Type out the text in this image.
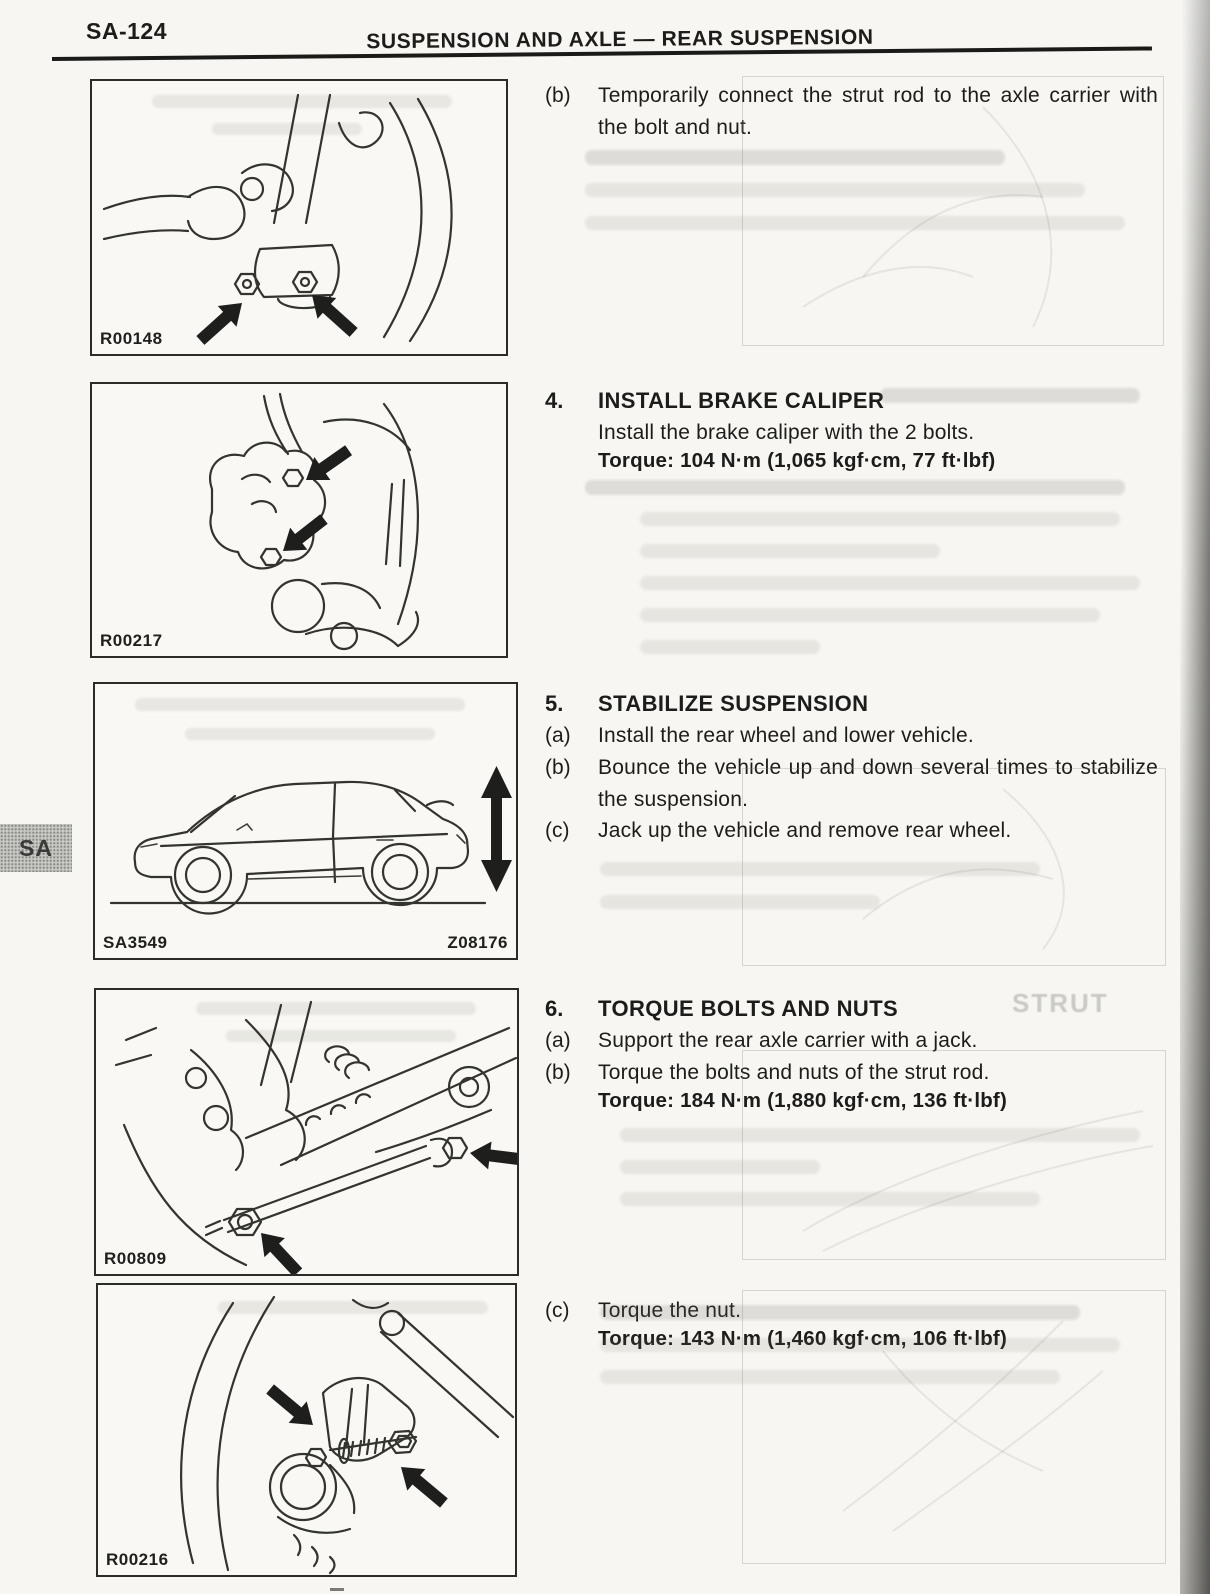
SA-124	SUSPENSION AND AXLE — REAR SUSPENSION
SA
R00148
R00217
SA3549	Z08176
R00809
R00216
(b)	Temporarily connect the strut rod to the axle carrier with the bolt and nut.
4.	INSTALL BRAKE CALIPER
Install the brake caliper with the 2 bolts.
Torque: 104 N·m (1,065 kgf·cm, 77 ft·lbf)
5.	STABILIZE SUSPENSION
(a)	Install the rear wheel and lower vehicle.
(b)	Bounce the vehicle up and down several times to stabilize the suspension.
(c)	Jack up the vehicle and remove rear wheel.
6.	TORQUE BOLTS AND NUTS
(a)	Support the rear axle carrier with a jack.
(b)	Torque the bolts and nuts of the strut rod.
Torque: 184 N·m (1,880 kgf·cm, 136 ft·lbf)
(c)	Torque the nut.
Torque: 143 N·m (1,460 kgf·cm, 106 ft·lbf)
STRUT
